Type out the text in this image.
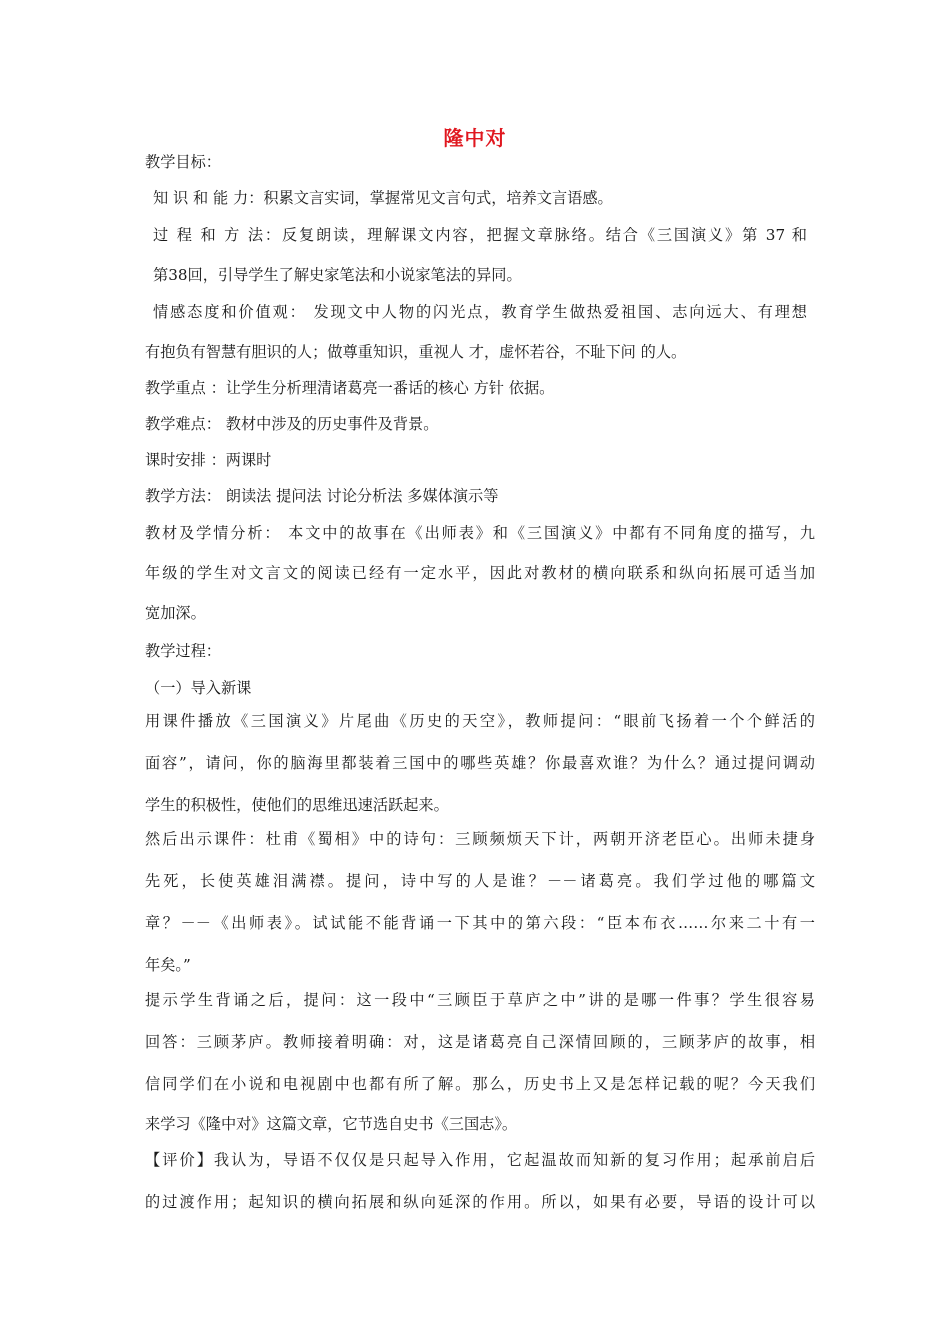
隆中对
教学目标：
知 识 和 能 力：积累文言实词，掌握常见文言句式，培养文言语感。
过 程 和 方 法：反复朗读，理解课文内容，把握文章脉络。结合《三国演义》第 37 和
第38回，引导学生了解史家笔法和小说家笔法的异同。
情感态度和价值观： 发现文中人物的闪光点，教育学生做热爱祖国、志向远大、有理想
有抱负有智慧有胆识的人；做尊重知识，重视人 才，虚怀若谷，不耻下问 的人。
教学重点 ：让学生分析理清诸葛亮一番话的核心 方针 依据。
教学难点： 教材中涉及的历史事件及背景。
课时安排 ：两课时
教学方法： 朗读法 提问法 讨论分析法 多媒体演示等
教材及学情分析： 本文中的故事在《出师表》和《三国演义》中都有不同角度的描写，九
年级的学生对文言文的阅读已经有一定水平，因此对教材的横向联系和纵向拓展可适当加
宽加深。
教学过程：
（一）导入新课
用课件播放《三国演义》片尾曲《历史的天空》，教师提问：“眼前飞扬着一个个鲜活的
面容”，请问，你的脑海里都装着三国中的哪些英雄？你最喜欢谁？为什么？通过提问调动
学生的积极性，使他们的思维迅速活跃起来。
然后出示课件：杜甫《蜀相》中的诗句：三顾频烦天下计，两朝开济老臣心。出师未捷身
先死，长使英雄泪满襟。提问，诗中写的人是谁？－－诸葛亮。我们学过他的哪篇文
章？－－《出师表》。试试能不能背诵一下其中的第六段：“臣本布衣……尔来二十有一
年矣。”
提示学生背诵之后，提问：这一段中“三顾臣于草庐之中”讲的是哪一件事？学生很容易
回答：三顾茅庐。教师接着明确：对，这是诸葛亮自己深情回顾的，三顾茅庐的故事，相
信同学们在小说和电视剧中也都有所了解。那么，历史书上又是怎样记载的呢？今天我们
来学习《隆中对》这篇文章，它节选自史书《三国志》。
【评价】我认为，导语不仅仅是只起导入作用，它起温故而知新的复习作用；起承前启后
的过渡作用；起知识的横向拓展和纵向延深的作用。所以，如果有必要，导语的设计可以
